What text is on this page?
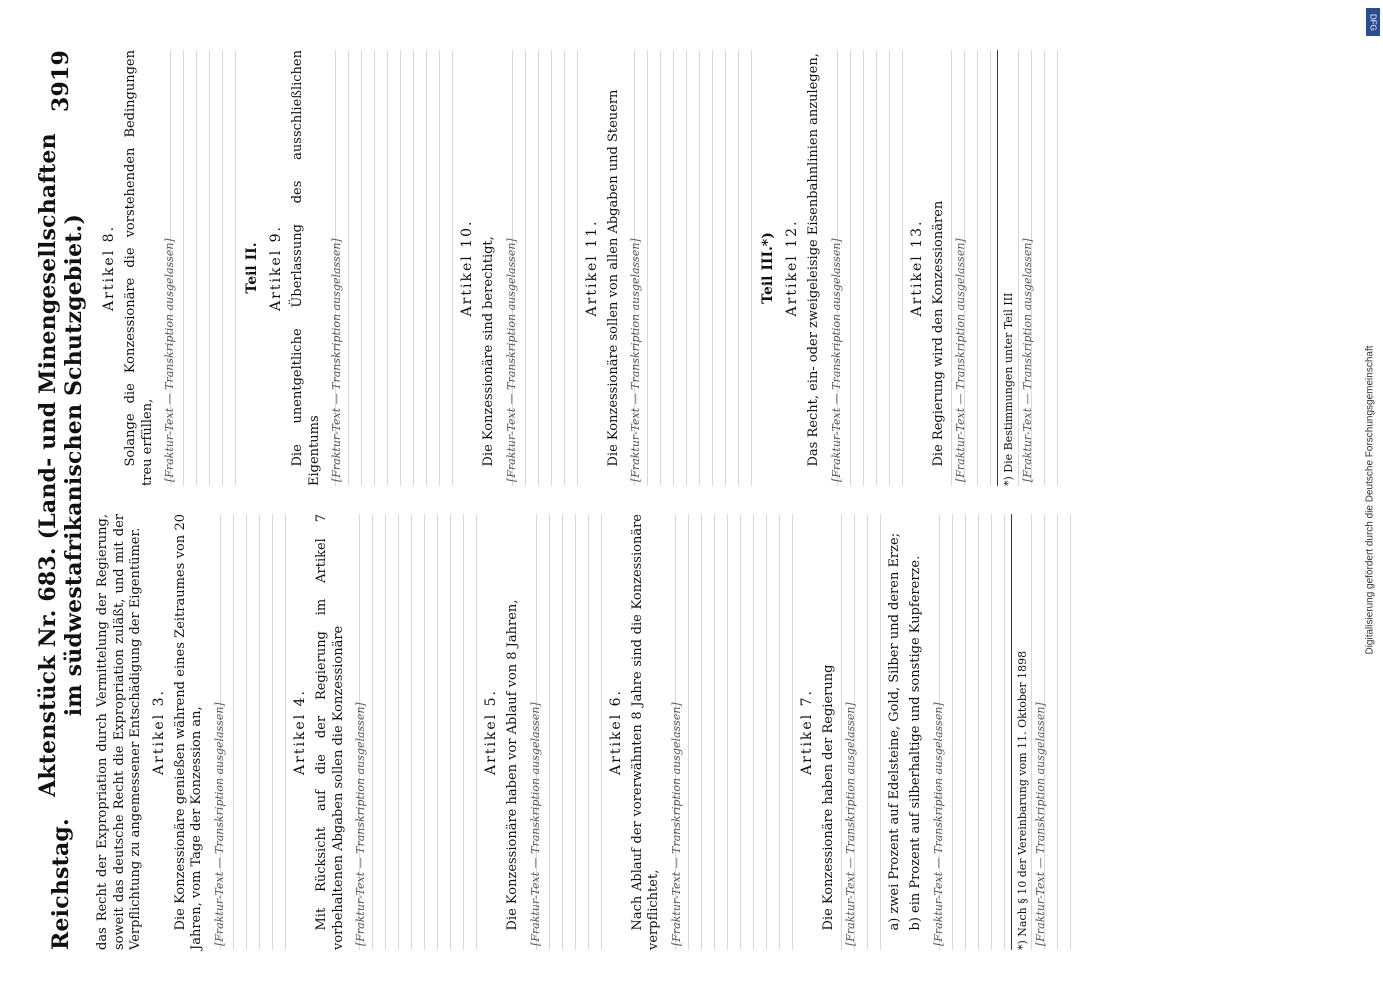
Reichstag.
Aktenstück Nr. 683. (Land- und Minengesellschaften im südwestafrikanischen Schutzgebiet.)
3919

das Recht der Expropriation durch Vermittelung der Regierung, soweit das deutsche Recht die Expropriation zuläßt, und mit der Verpflichtung zu angemessener Entschädigung der Eigentümer. Artikel 3. Die Konzessionäre genießen während eines Zeitraumes von 20 Jahren, vom Tage der Konzession an, [Fraktur-Text — Transkription ausgelassen]	Artikel 4. Mit Rücksicht auf die der Regierung im Artikel 7 vorbehaltenen Abgaben sollen die Konzessionäre [Fraktur-Text — Transkription ausgelassen]	Artikel 5. Die Konzessionäre haben vor Ablauf von 8 Jahren, [Fraktur-Text — Transkription ausgelassen]	Artikel 6. Nach Ablauf der vorerwähnten 8 Jahre sind die Konzessionäre verpflichtet, [Fraktur-Text — Transkription ausgelassen]	Artikel 7. Die Konzessionäre haben der Regierung [Fraktur-Text — Transkription ausgelassen]	a) zwei Prozent auf Edelsteine, Gold, Silber und deren Erze; b) ein Prozent auf silberhaltige und sonstige Kupfererze. [Fraktur-Text — Transkription ausgelassen]	*) Nach § 10 der Vereinbarung vom 11. Oktober 1898 [Fraktur-Text — Transkription ausgelassen]
Artikel 8. Solange die Konzessionäre die vorstehenden Bedingungen treu erfüllen, [Fraktur-Text — Transkription ausgelassen]	Teil II. Artikel 9. Die unentgeltliche Überlassung des ausschließlichen Eigentums [Fraktur-Text — Transkription ausgelassen]	Artikel 10. Die Konzessionäre sind berechtigt, [Fraktur-Text — Transkription ausgelassen]	Artikel 11. Die Konzessionäre sollen von allen Abgaben und Steuern [Fraktur-Text — Transkription ausgelassen]	Teil III.*) Artikel 12. Das Recht, ein- oder zweigeleisige Eisenbahnlinien anzulegen, [Fraktur-Text — Transkription ausgelassen]	Artikel 13. Die Regierung wird den Konzessionären [Fraktur-Text — Transkription ausgelassen]	*) Die Bestimmungen unter Teil III [Fraktur-Text — Transkription ausgelassen]
DFG
Digitalisierung gefördert durch die Deutsche Forschungsgemeinschaft
